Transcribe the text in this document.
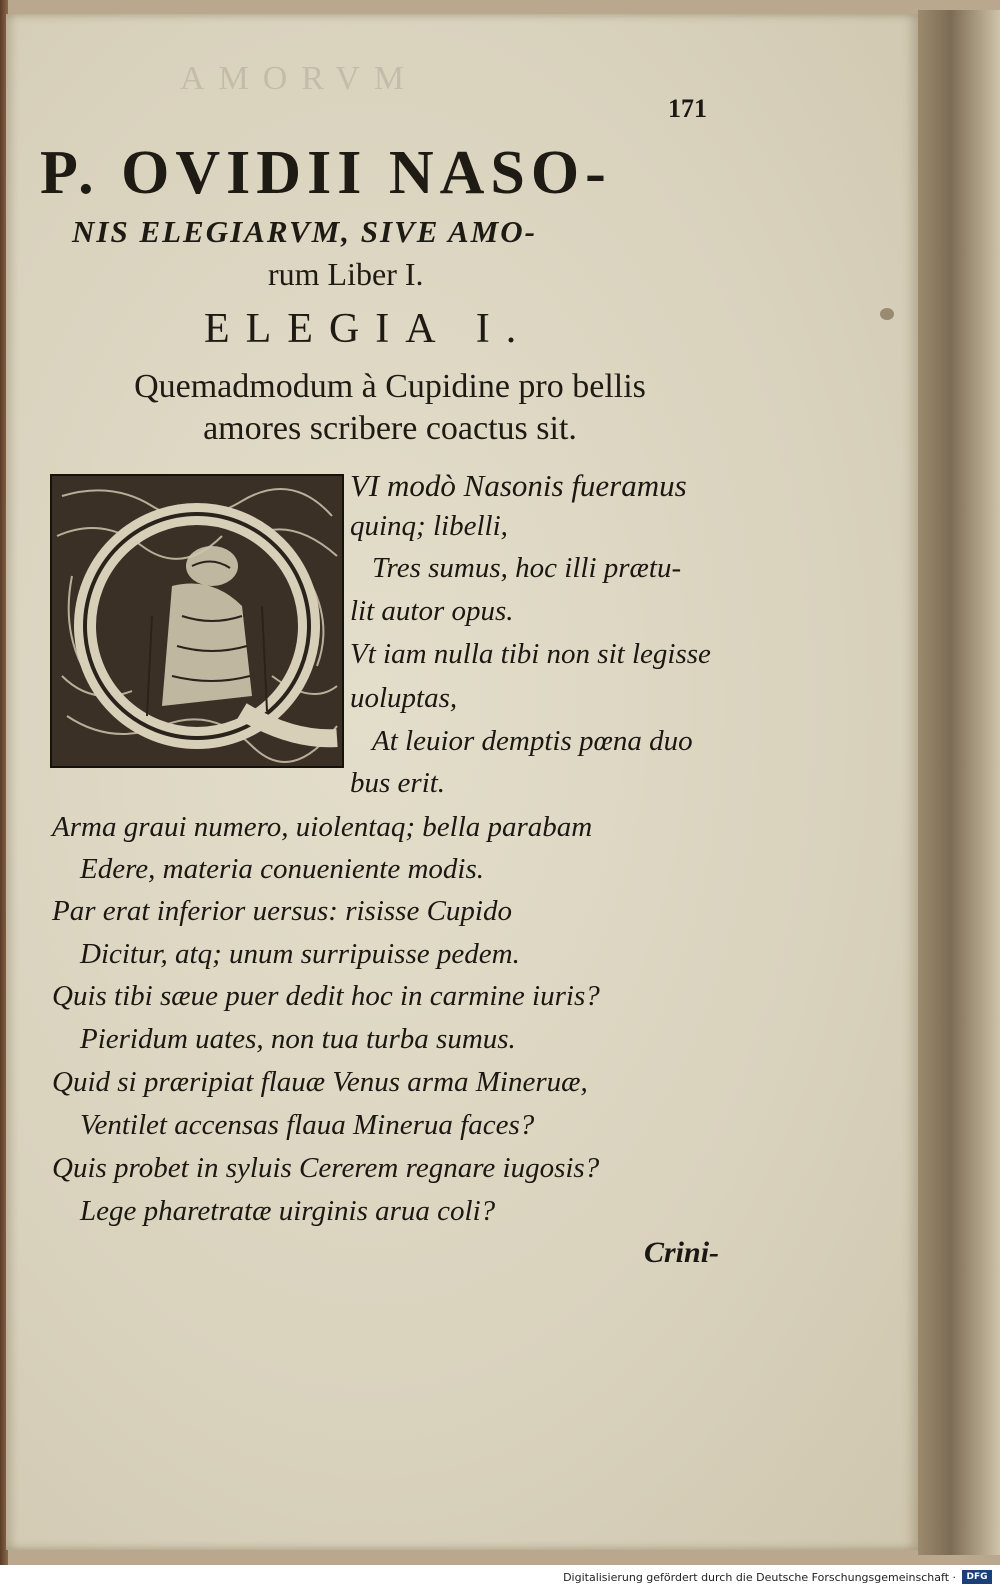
AMORVM
171
P. OVIDII NASO-
NIS ELEGIARVM, SIVE AMO-
rum Liber I.
ELEGIA I.
Quemadmodum à Cupidine pro bellis
amores scribere coactus sit.
VI modò Nasonis fueramus
quinq; libelli,
Tres sumus, hoc illi prætu-
lit autor opus.
Vt iam nulla tibi non sit legisse
uoluptas,
At leuior demptis pœna duo
bus erit.
Arma graui numero, uiolentaq; bella parabam
Edere, materia conueniente modis.
Par erat inferior uersus: risisse Cupido
Dicitur, atq; unum surripuisse pedem.
Quis tibi sæue puer dedit hoc in carmine iuris?
Pieridum uates, non tua turba sumus.
Quid si præripiat flauæ Venus arma Mineruæ,
Ventilet accensas flaua Minerua faces?
Quis probet in syluis Cererem regnare iugosis?
Lege pharetratæ uirginis arua coli?
Crini-
Digitalisierung gefördert durch die Deutsche Forschungsgemeinschaft ·	DFG
